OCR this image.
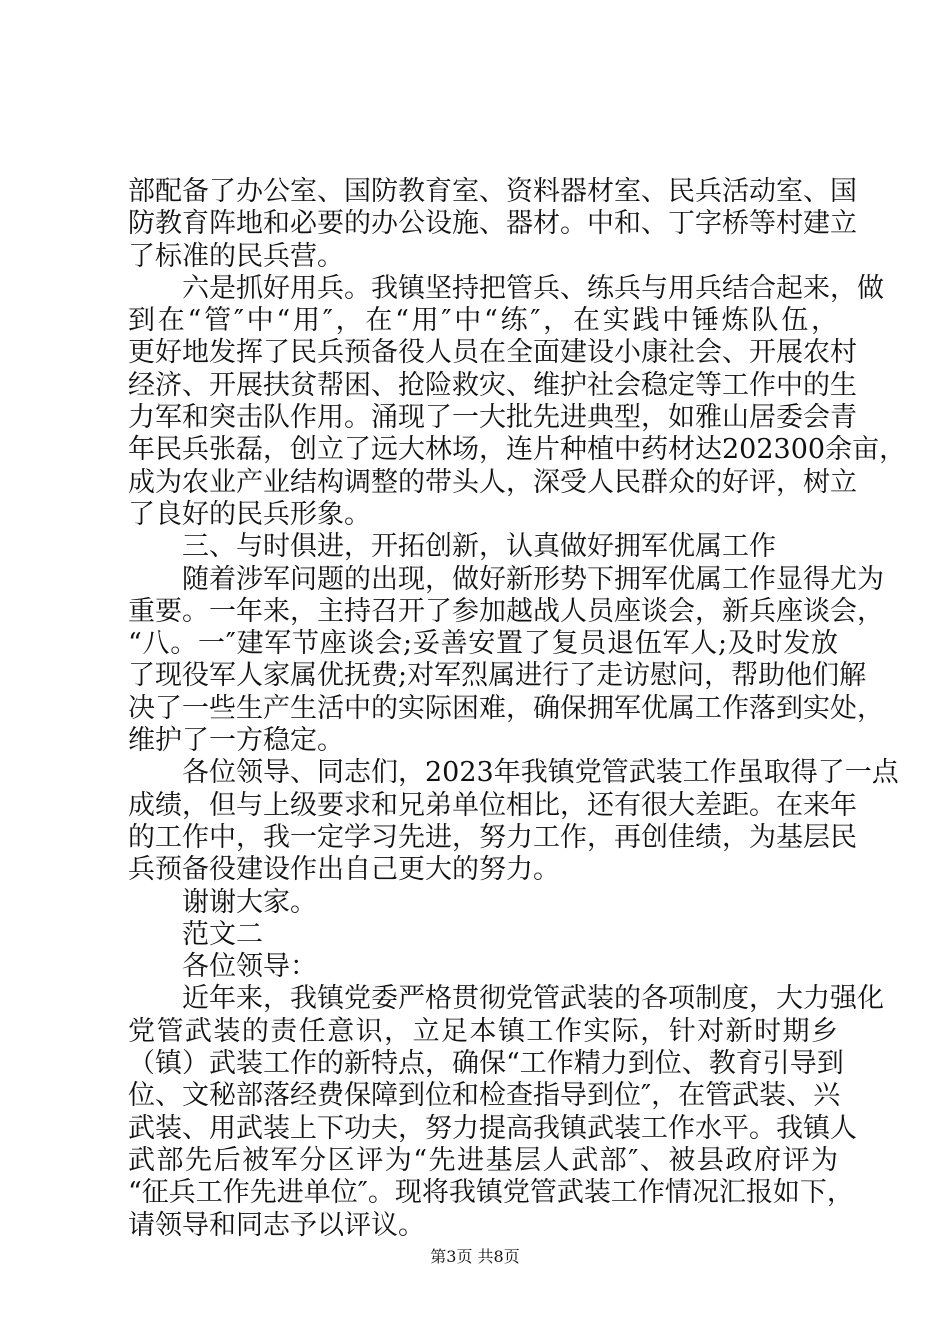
部配备了办公室、国防教育室、资料器材室、民兵活动室、国
防教育阵地和必要的办公设施、器材。中和、丁字桥等村建立
了标准的民兵营。
六是抓好用兵。我镇坚持把管兵、练兵与用兵结合起来，做
到在“管″中“用″，在“用″中“练″，在实践中锤炼队伍，
更好地发挥了民兵预备役人员在全面建设小康社会、开展农村
经济、开展扶贫帮困、抢险救灾、维护社会稳定等工作中的生
力军和突击队作用。涌现了一大批先进典型，如雅山居委会青
年民兵张磊，创立了远大林场，连片种植中药材达202300余亩，
成为农业产业结构调整的带头人，深受人民群众的好评，树立
了良好的民兵形象。
三、与时俱进，开拓创新，认真做好拥军优属工作
随着涉军问题的出现，做好新形势下拥军优属工作显得尤为
重要。一年来，主持召开了参加越战人员座谈会，新兵座谈会，
“八。一″建军节座谈会;妥善安置了复员退伍军人;及时发放
了现役军人家属优抚费;对军烈属进行了走访慰问，帮助他们解
决了一些生产生活中的实际困难，确保拥军优属工作落到实处，
维护了一方稳定。
各位领导、同志们，2023年我镇党管武装工作虽取得了一点
成绩，但与上级要求和兄弟单位相比，还有很大差距。在来年
的工作中，我一定学习先进，努力工作，再创佳绩，为基层民
兵预备役建设作出自己更大的努力。
谢谢大家。
范文二
各位领导：
近年来，我镇党委严格贯彻党管武装的各项制度，大力强化
党管武装的责任意识，立足本镇工作实际，针对新时期乡
（镇）武装工作的新特点，确保“工作精力到位、教育引导到
位、文秘部落经费保障到位和检查指导到位″，在管武装、兴
武装、用武装上下功夫，努力提高我镇武装工作水平。我镇人
武部先后被军分区评为“先进基层人武部″、被县政府评为
“征兵工作先进单位″。现将我镇党管武装工作情况汇报如下，
请领导和同志予以评议。
第3页 共8页
